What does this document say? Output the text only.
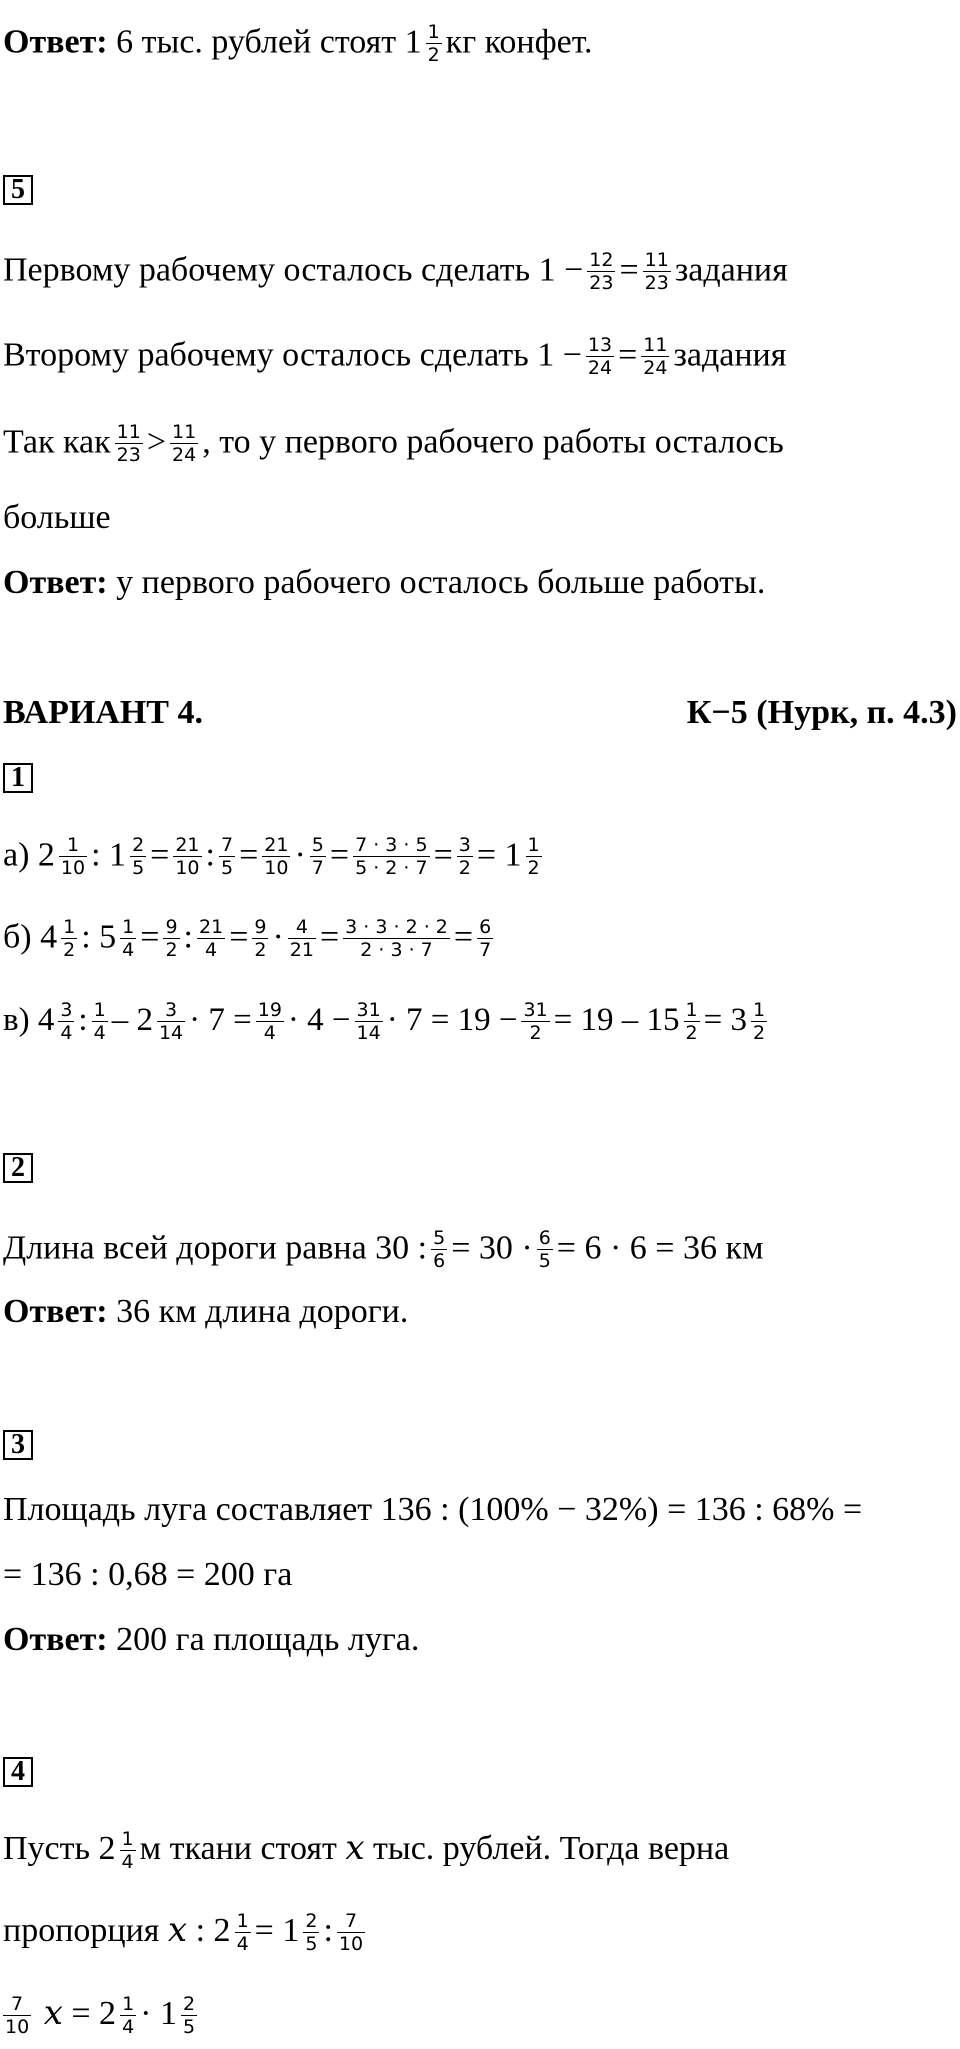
Ответ: 6 тыс. рублей стоят $1 \frac{1}{2}$ кг конфет.
5
Первому рабочему осталось сделать $1 - \frac{12}{23} = \frac{11}{23}$ задания
Второму рабочему осталось сделать $1 - \frac{13}{24} = \frac{11}{24}$ задания
Так как $\frac{11}{23} > \frac{11}{24}$ , то у первого рабочего работы осталось
больше
Ответ: у первого рабочего осталось больше работы.
ВАРИАНТ 4.	К−5 (Нурк, п. 4.3)
1
а) $2 \frac{1}{10}$ : $1 \frac{2}{5} = \frac{21}{10}$ : $\frac{7}{5} = \frac{21}{10} \cdot \frac{5}{7} = \frac{7 \cdot 3 \cdot 5}{5 \cdot 2 \cdot 7} = \frac{3}{2} = 1 \frac{1}{2}$
б) $4 \frac{1}{2}$ : $5 \frac{1}{4} = \frac{9}{2}$ : $\frac{21}{4} = \frac{9}{2} \cdot \frac{4}{21} = \frac{3 \cdot 3 \cdot 2 \cdot 2}{2 \cdot 3 \cdot 7} = \frac{6}{7}$
в) $4 \frac{3}{4}$ : $\frac{1}{4} - 2 \frac{3}{14} \cdot 7 = \frac{19}{4} \cdot 4 - \frac{31}{14} \cdot 7 = 19 - \frac{31}{2} = 19 - 15 \frac{1}{2} = 3 \frac{1}{2}$
2
Длина всей дороги равна 30 : $\frac{5}{6} = 30 \cdot \frac{6}{5} = 6 \cdot 6 = 36$ км
Ответ: 36 км длина дороги.
3
Площадь луга составляет 136 : (100% − 32%) = 136 : 68% =
= 136 : 0,68 = 200 га
Ответ: 200 га площадь луга.
4
Пусть $2 \frac{1}{4}$ м ткани стоят x тыс. рублей. Тогда верна
пропорция x : $2 \frac{1}{4} = 1 \frac{2}{5}$ : $\frac{7}{10}$
$\frac{7}{10}$ $x = 2 \frac{1}{4} \cdot 1 \frac{2}{5}$
